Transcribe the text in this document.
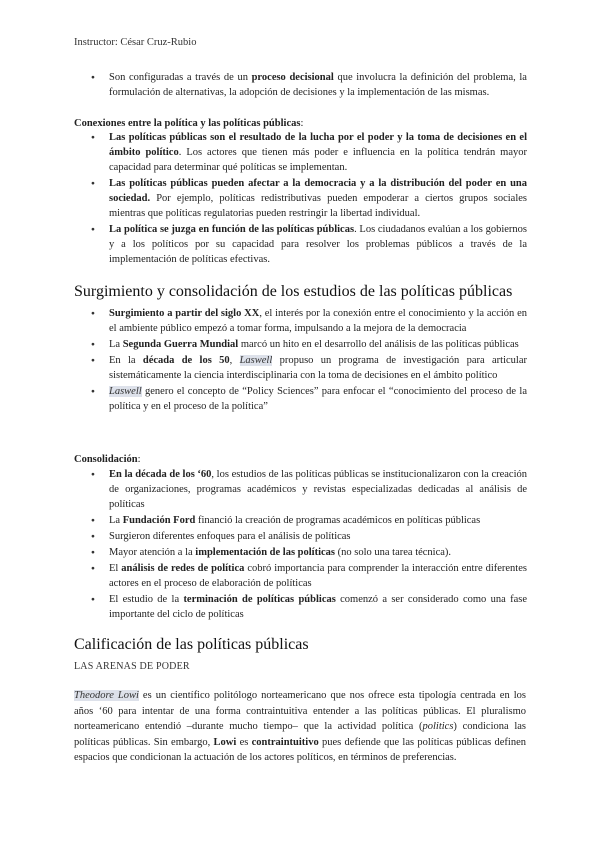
Instructor: César Cruz-Rubio
● Son configuradas a través de un proceso decisional que involucra la definición del problema, la formulación de alternativas, la adopción de decisiones y la implementación de las mismas.
Conexiones entre la política y las políticas públicas:
● Las políticas públicas son el resultado de la lucha por el poder y la toma de decisiones en el ámbito político. Los actores que tienen más poder e influencia en la política tendrán mayor capacidad para determinar qué políticas se implementan.
● Las políticas públicas pueden afectar a la democracia y a la distribución del poder en una sociedad. Por ejemplo, políticas redistributivas pueden empoderar a ciertos grupos sociales mientras que políticas regulatorias pueden restringir la libertad individual.
● La política se juzga en función de las políticas públicas. Los ciudadanos evalúan a los gobiernos y a los políticos por su capacidad para resolver los problemas públicos a través de la implementación de políticas efectivas.
Surgimiento y consolidación de los estudios de las políticas públicas
● Surgimiento a partir del siglo XX, el interés por la conexión entre el conocimiento y la acción en el ambiente público empezó a tomar forma, impulsando a la mejora de la democracia
● La Segunda Guerra Mundial marcó un hito en el desarrollo del análisis de las políticas públicas
● En la década de los 50, Laswell propuso un programa de investigación para articular sistemáticamente la ciencia interdisciplinaria con la toma de decisiones en el ámbito político
● Laswell genero el concepto de “Policy Sciences” para enfocar el “conocimiento del proceso de la política y en el proceso de la política”
Consolidación:
● En la década de los ‘60, los estudios de las políticas públicas se institucionalizaron con la creación de organizaciones, programas académicos y revistas especializadas dedicadas al análisis de políticas
● La Fundación Ford financió la creación de programas académicos en políticas públicas
● Surgieron diferentes enfoques para el análisis de políticas
● Mayor atención a la implementación de las políticas (no solo una tarea técnica).
● El análisis de redes de política cobró importancia para comprender la interacción entre diferentes actores en el proceso de elaboración de políticas
● El estudio de la terminación de políticas públicas comenzó a ser considerado como una fase importante del ciclo de políticas
Calificación de las políticas públicas
LAS ARENAS DE PODER
Theodore Lowi es un científico politólogo norteamericano que nos ofrece esta tipología centrada en los años ‘60 para intentar de una forma contraintuitiva entender a las políticas públicas. El pluralismo norteamericano entendió –durante mucho tiempo– que la actividad política (politics) condiciona las políticas públicas. Sin embargo, Lowi es contraintuitivo pues defiende que las políticas públicas definen espacios que condicionan la actuación de los actores políticos, en términos de preferencias.
